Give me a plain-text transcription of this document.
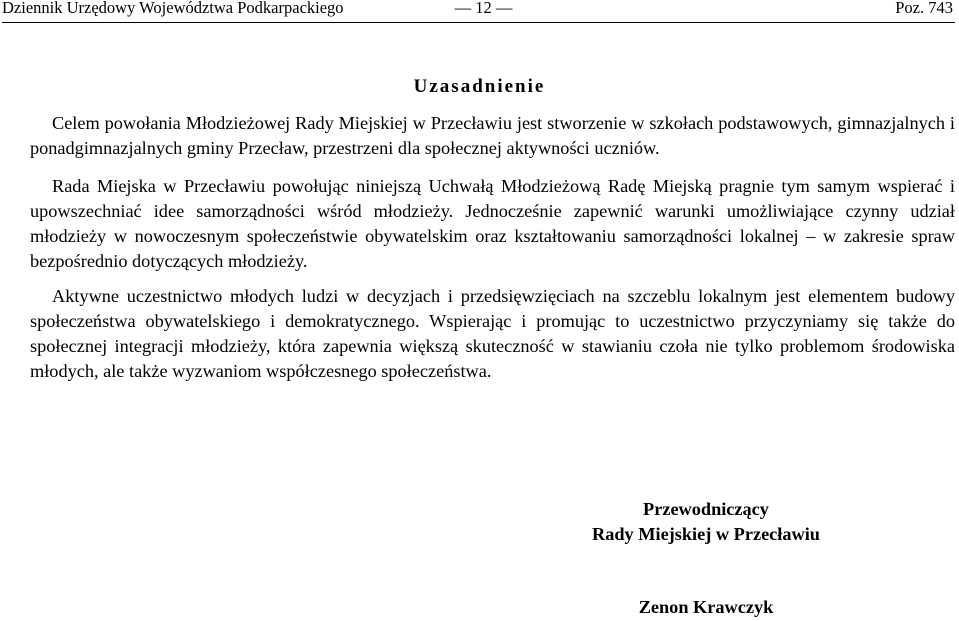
Dziennik Urzędowy Województwa Podkarpackiego	— 12 —	Poz. 743
Uzasadnienie

Celem powołania Młodzieżowej Rady Miejskiej w Przecławiu jest stworzenie w szkołach podstawowych, gimnazjalnych i ponadgimnazjalnych gminy Przecław, przestrzeni dla społecznej aktywności uczniów.

Rada Miejska w Przecławiu powołując niniejszą Uchwałą Młodzieżową Radę Miejską pragnie tym samym wspierać i upowszechniać idee samorządności wśród młodzieży. Jednocześnie zapewnić warunki umożliwiające czynny udział młodzieży w nowoczesnym społeczeństwie obywatelskim oraz kształtowaniu samorządności lokalnej – w zakresie spraw bezpośrednio dotyczących młodzieży.

Aktywne uczestnictwo młodych ludzi w decyzjach i przedsięwzięciach na szczeblu lokalnym jest elementem budowy społeczeństwa obywatelskiego i demokratycznego. Wspierając i promując to uczestnictwo przyczyniamy się także do społecznej integracji młodzieży, która zapewnia większą skuteczność w stawianiu czoła nie tylko problemom środowiska młodych, ale także wyzwaniom współczesnego społeczeństwa.

Przewodniczący
Rady Miejskiej w Przecławiu
Zenon Krawczyk
